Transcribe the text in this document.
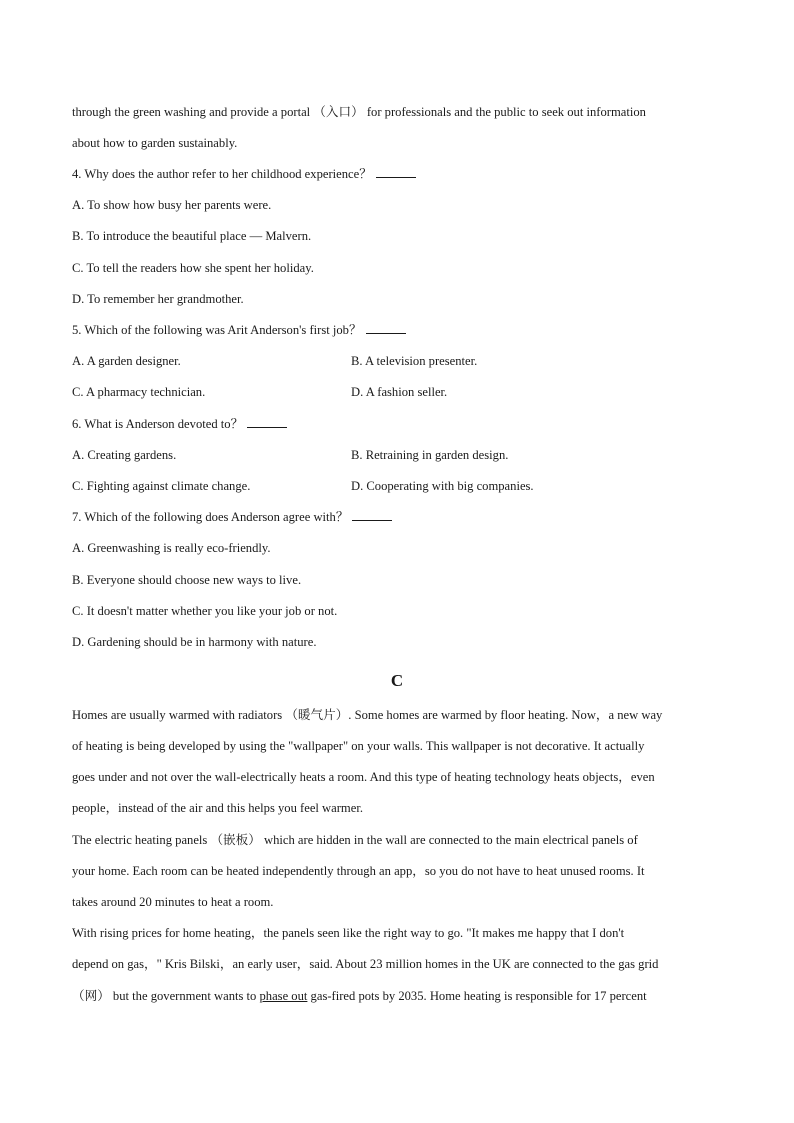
through the green washing and provide a portal （入口） for professionals and the public to seek out information
about how to garden sustainably.
4. Why does the author refer to her childhood experience？
A. To show how busy her parents were.
B. To introduce the beautiful place — Malvern.
C. To tell the readers how she spent her holiday.
D. To remember her grandmother.
5. Which of the following was Arit Anderson's first job？
A. A garden designer.	B. A television presenter.
C. A pharmacy technician.	D. A fashion seller.
6. What is Anderson devoted to？
A. Creating gardens.	B. Retraining in garden design.
C. Fighting against climate change.	D. Cooperating with big companies.
7. Which of the following does Anderson agree with？
A. Greenwashing is really eco-friendly.
B. Everyone should choose new ways to live.
C. It doesn't matter whether you like your job or not.
D. Gardening should be in harmony with nature.
C
Homes are usually warmed with radiators （暖气片）. Some homes are warmed by floor heating. Now，a new way
of heating is being developed by using the "wallpaper" on your walls. This wallpaper is not decorative. It actually
goes under and not over the wall-electrically heats a room. And this type of heating technology heats objects，even
people，instead of the air and this helps you feel warmer.
The electric heating panels （嵌板） which are hidden in the wall are connected to the main electrical panels of
your home. Each room can be heated independently through an app，so you do not have to heat unused rooms. It
takes around 20 minutes to heat a room.
With rising prices for home heating，the panels seen like the right way to go. "It makes me happy that I don't
depend on gas，" Kris Bilski，an early user，said. About 23 million homes in the UK are connected to the gas grid
（网） but the government wants to phase out gas-fired pots by 2035. Home heating is responsible for 17 percent
